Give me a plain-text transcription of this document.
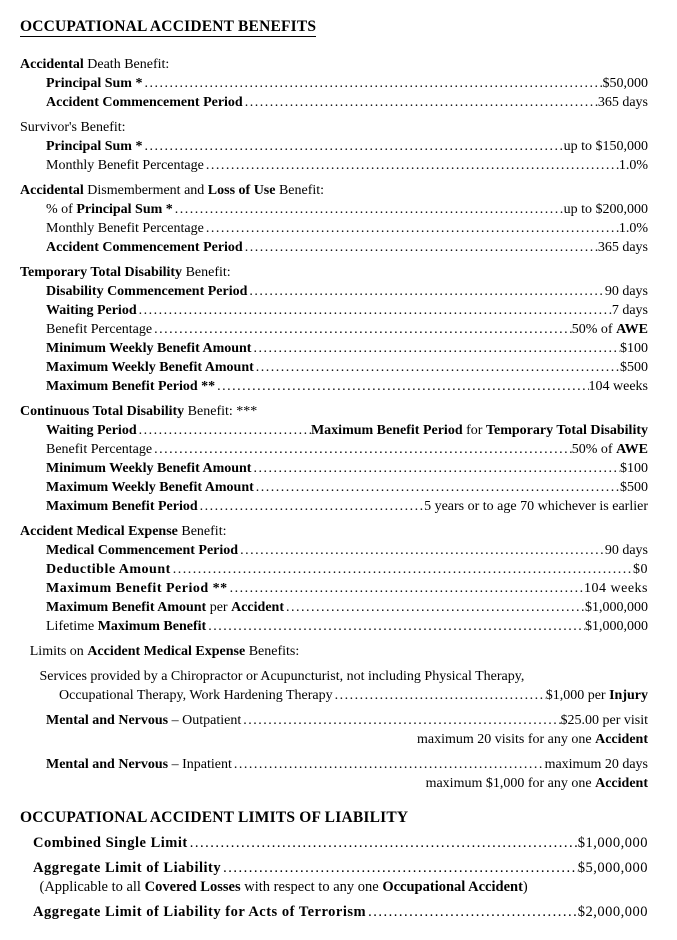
OCCUPATIONAL ACCIDENT BENEFITS
Accidental Death Benefit:
Principal Sum * .....	$50,000
Accident Commencement Period .....	365 days
Survivor's Benefit:
Principal Sum * .....	up to $150,000
Monthly Benefit Percentage .....	1.0%
Accidental Dismemberment and Loss of Use Benefit:
% of Principal Sum * .....	up to $200,000
Monthly Benefit Percentage .....	1.0%
Accident Commencement Period .....	365 days
Temporary Total Disability Benefit:
Disability Commencement Period .....	90 days
Waiting Period .....	7 days
Benefit Percentage .....	50% of AWE
Minimum Weekly Benefit Amount .....	$100
Maximum Weekly Benefit Amount .....	$500
Maximum Benefit Period ** .....	104 weeks
Continuous Total Disability Benefit: ***
Waiting Period .....	Maximum Benefit Period for Temporary Total Disability
Benefit Percentage .....	50% of AWE
Minimum Weekly Benefit Amount .....	$100
Maximum Weekly Benefit Amount .....	$500
Maximum Benefit Period .....	5 years or to age 70 whichever is earlier
Accident Medical Expense Benefit:
Medical Commencement Period .....	90 days
Deductible Amount .....	$0
Maximum Benefit Period ** .....	104 weeks
Maximum Benefit Amount per Accident .....	$1,000,000
Lifetime Maximum Benefit .....	$1,000,000
Limits on Accident Medical Expense Benefits:
Services provided by a Chiropractor or Acupuncturist, not including Physical Therapy,
Occupational Therapy, Work Hardening Therapy .....	$1,000 per Injury
Mental and Nervous – Outpatient .....	$25.00 per visit
maximum 20 visits for any one Accident
Mental and Nervous – Inpatient .....	maximum 20 days
maximum $1,000 for any one Accident
OCCUPATIONAL ACCIDENT LIMITS OF LIABILITY
Combined Single Limit .....	$1,000,000
Aggregate Limit of Liability .....	$5,000,000
(Applicable to all Covered Losses with respect to any one Occupational Accident)
Aggregate Limit of Liability for Acts of Terrorism .....	$2,000,000
